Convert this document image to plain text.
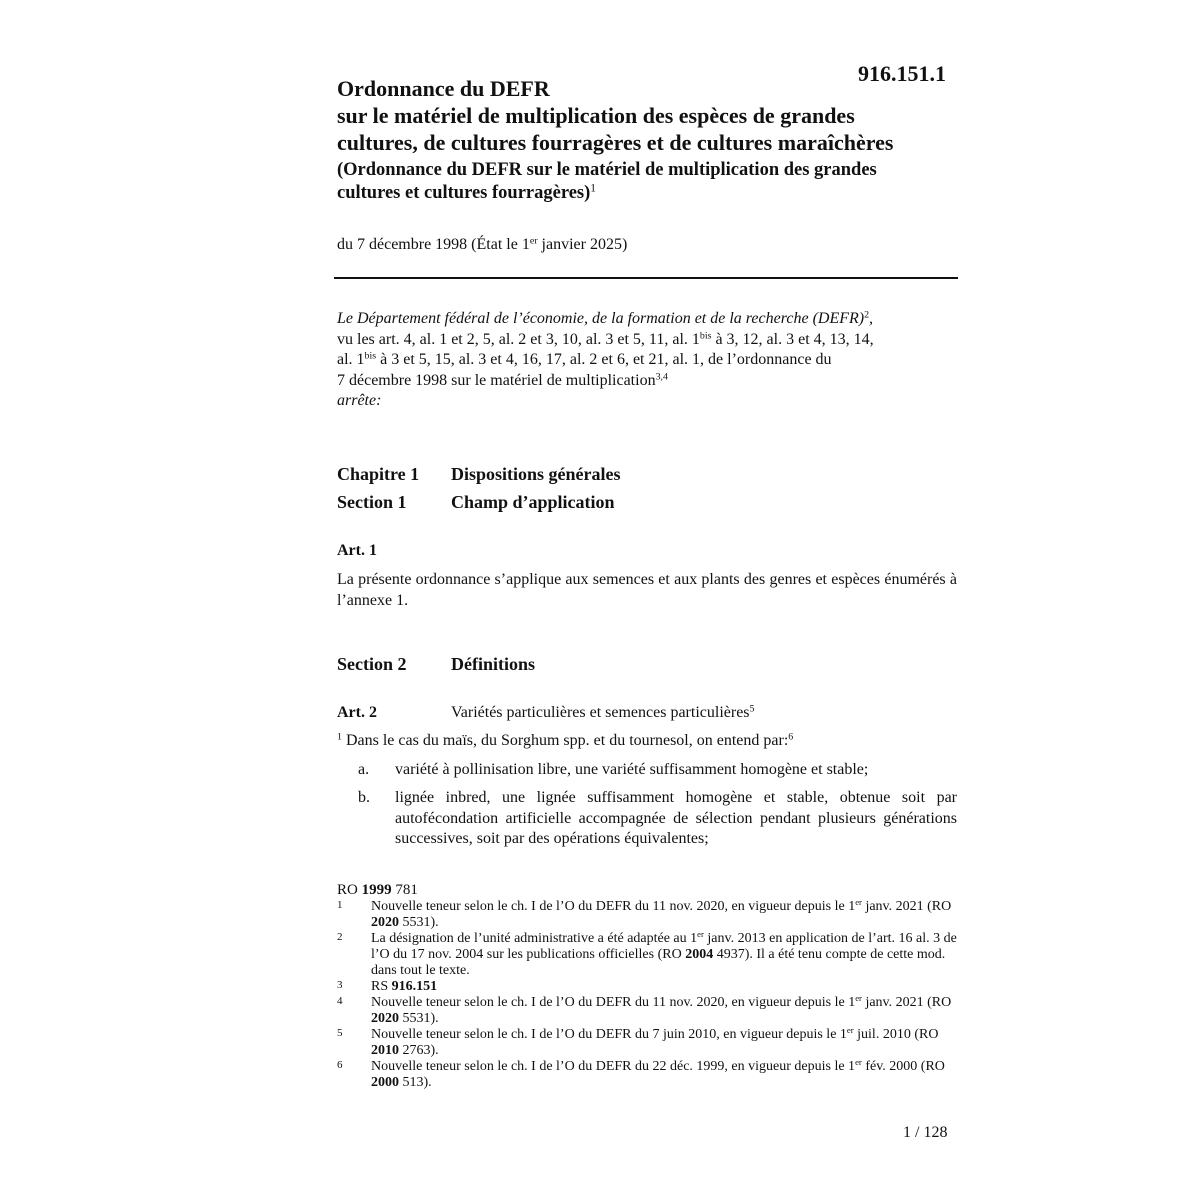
916.151.1
Ordonnance du DEFR
sur le matériel de multiplication des espèces de grandes
cultures, de cultures fourragères et de cultures maraîchères
(Ordonnance du DEFR sur le matériel de multiplication des grandes
cultures et cultures fourragères)$^1$
du 7 décembre 1998 (État le 1er janvier 2025)
Le Département fédéral de l’économie, de la formation et de la recherche (DEFR)$^2$,
vu les art. 4, al. 1 et 2, 5, al. 2 et 3, 10, al. 3 et 5, 11, al. $1^{bis}$ à 3, 12, al. 3 et 4, 13, 14,
al. $1^{bis}$ à 3 et 5, 15, al. 3 et 4, 16, 17, al. 2 et 6, et 21, al. 1, de l’ordonnance du
7 décembre 1998 sur le matériel de multiplication$^{3,4}$
arrête:
Chapitre 1 Dispositions générales
Section 1 Champ d’application
Art. 1
La présente ordonnance s’applique aux semences et aux plants des genres et espèces énumérés à l’annexe 1.
Section 2 Définitions
Art. 2	Variétés particulières et semences particulières$^5$
$^1$ Dans le cas du maïs, du Sorghum spp. et du tournesol, on entend par:$^6$
a. variété à pollinisation libre, une variété suffisamment homogène et stable;
b. lignée inbred, une lignée suffisamment homogène et stable, obtenue soit par autofécondation artificielle accompagnée de sélection pendant plusieurs générations successives, soit par des opérations équivalentes;
RO 1999 781
1 Nouvelle teneur selon le ch. I de l’O du DEFR du 11 nov. 2020, en vigueur depuis le 1er janv. 2021 (RO 2020 5531).
2 La désignation de l’unité administrative a été adaptée au 1er janv. 2013 en application de l’art. 16 al. 3 de l’O du 17 nov. 2004 sur les publications officielles (RO 2004 4937). Il a été tenu compte de cette mod. dans tout le texte.
3 RS 916.151
4 Nouvelle teneur selon le ch. I de l’O du DEFR du 11 nov. 2020, en vigueur depuis le 1er janv. 2021 (RO 2020 5531).
5 Nouvelle teneur selon le ch. I de l’O du DEFR du 7 juin 2010, en vigueur depuis le 1er juil. 2010 (RO 2010 2763).
6 Nouvelle teneur selon le ch. I de l’O du DEFR du 22 déc. 1999, en vigueur depuis le 1er fév. 2000 (RO 2000 513).
1 / 128
